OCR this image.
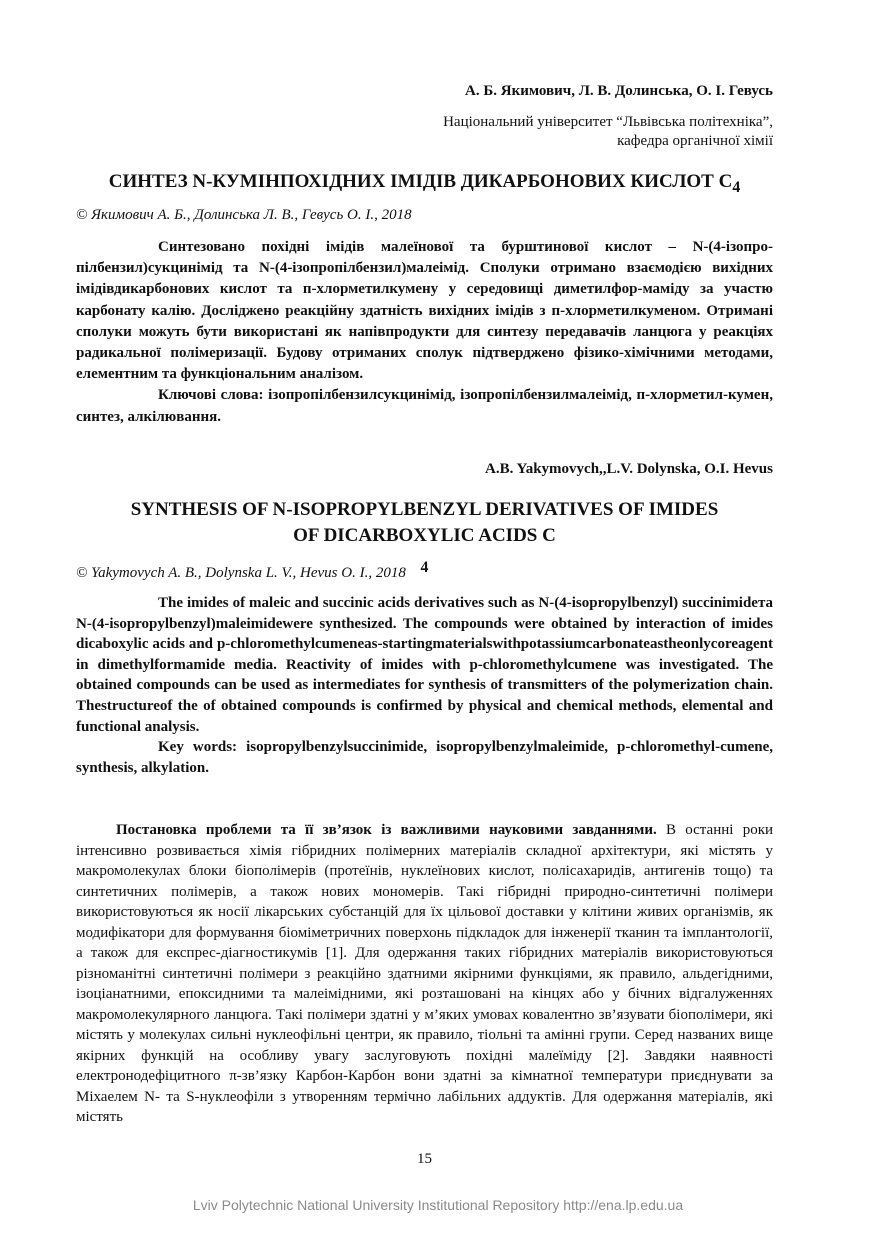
А. Б. Якимович, Л. В. Долинська, О. І. Гевусь
Національний університет “Львівська політехніка”,
кафедра органічної хімії
СИНТЕЗ N-КУМІНПОХІДНИХ ІМІДІВ ДИКАРБОНОВИХ КИСЛОТ $C_4$
© Якимович А. Б., Долинська Л. В., Гевусь О. І., 2018

Синтезовано похідні імідів малеїнової та бурштинової кислот – N-(4-ізопро-пілбензил)сукцинімід та N-(4-ізопропілбензил)малеімід. Сполуки отримано взаємодією вихідних імідівдикарбонових кислот та п-хлорметилкумену у середовищі диметилфор-маміду за участю карбонату калію. Досліджено реакційну здатність вихідних імідів з п-хлорметилкуменом. Отримані сполуки можуть бути використані як напівпродукти для синтезу передавачів ланцюга у реакціях радикальної полімеризації. Будову отриманих сполук підтверджено фізико-хімічними методами, елементним та функціональним аналізом.

Ключові слова: ізопропілбензилсукцинімід, ізопропілбензилмалеімід, п-хлорметил-кумен, синтез, алкілювання.

A.B. Yakymovych,,L.V. Dolynska, O.I. Hevus
SYNTHESIS OF N-ISOPROPYLBENZYL DERIVATIVES OF IMIDES
OF DICARBOXYLIC ACIDS C
$_4$
© Yakymovych A. B., Dolynska L. V., Hevus O. I., 2018

The imides of maleic and succinic acids derivatives such as N-(4-isopropylbenzyl) succinimideта N-(4-isopropylbenzyl)maleimidewere synthesized. The compounds were obtained by interaction of imides dicaboxylic acids and p-chloromethylcumeneas-startingmaterialswithpotassiumcarbonateastheonlycoreagent in dimethylformamide media. Reactivity of imides with p-chloromethylcumene was investigated. The obtained compounds can be used as intermediates for synthesis of transmitters of the polymerization chain. Thestructureof the of obtained compounds is confirmed by physical and chemical methods, elemental and functional analysis.

Key words: isopropylbenzylsuccinimide, isopropylbenzylmaleimide, p-chloromethyl-cumene, synthesis, alkylation.

Постановка проблеми та її зв’язок із важливими науковими завданнями. В останні роки інтенсивно розвивається хімія гібридних полімерних матеріалів складної архітектури, які містять у макромолекулах блоки біополімерів (протеїнів, нуклеїнових кислот, полісахаридів, антигенів тощо) та синтетичних полімерів, а також нових мономерів. Такі гібридні природно-синтетичні полімери використовуються як носії лікарських субстанцій для їх цільової доставки у клітини живих організмів, як модифікатори для формування біоміметричних поверхонь підкладок для інженерії тканин та імплантології, а також для експрес-діагностикумів [1]. Для одержання таких гібридних матеріалів використовуються різноманітні синтетичні полімери з реакційно здатними якірними функціями, як правило, альдегідними, ізоціанатними, епоксидними та малеімідними, які розташовані на кінцях або у бічних відгалуженнях макромолекулярного ланцюга. Такі полімери здатні у м’яких умовах ковалентно зв’язувати біополімери, які містять у молекулах сильні нуклеофільні центри, як правило, тіольні та амінні групи. Серед названих вище якірних функцій на особливу увагу заслуговують похідні малеїміду [2]. Завдяки наявності електронодефіцитного π-зв’язку Карбон-Карбон вони здатні за кімнатної температури приєднувати за Міхаелем N- та S-нуклеофіли з утворенням термічно лабільних аддуктів. Для одержання матеріалів, які містять

15
Lviv Polytechnic National University Institutional Repository http://ena.lp.edu.ua
